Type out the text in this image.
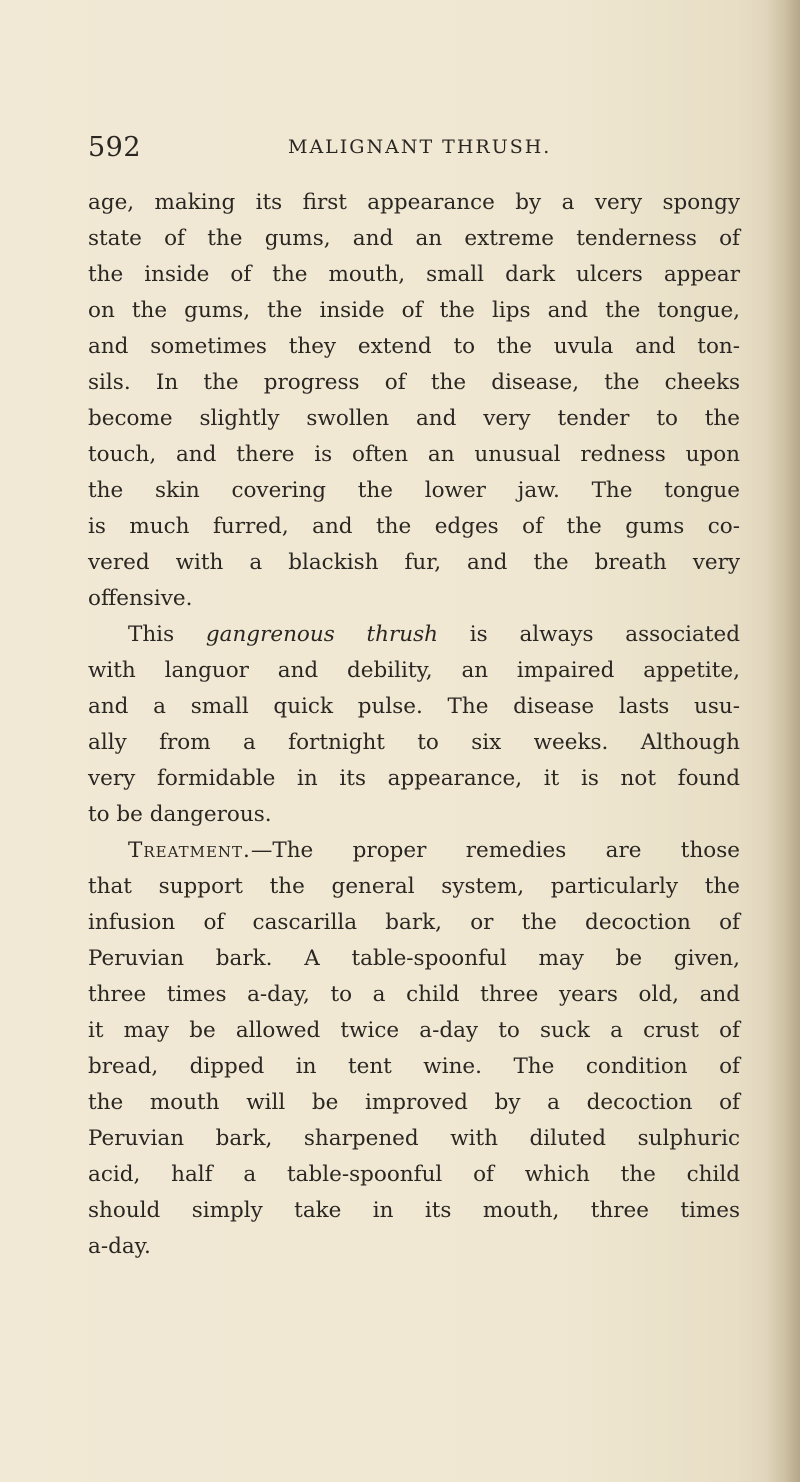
592	MALIGNANT THRUSH.
age, making its first appearance by a very spongy
state of the gums, and an extreme tenderness of
the inside of the mouth, small dark ulcers appear
on the gums, the inside of the lips and the tongue,
and sometimes they extend to the uvula and ton-
sils. In the progress of the disease, the cheeks
become slightly swollen and very tender to the
touch, and there is often an unusual redness upon
the skin covering the lower jaw. The tongue
is much furred, and the edges of the gums co-
vered with a blackish fur, and the breath very
offensive.
This gangrenous thrush is always associated
with languor and debility, an impaired appetite,
and a small quick pulse. The disease lasts usu-
ally from a fortnight to six weeks. Although
very formidable in its appearance, it is not found
to be dangerous.
Treatment.—The proper remedies are those
that support the general system, particularly the
infusion of cascarilla bark, or the decoction of
Peruvian bark. A table-spoonful may be given,
three times a-day, to a child three years old, and
it may be allowed twice a-day to suck a crust of
bread, dipped in tent wine. The condition of
the mouth will be improved by a decoction of
Peruvian bark, sharpened with diluted sulphuric
acid, half a table-spoonful of which the child
should simply take in its mouth, three times
a-day.
